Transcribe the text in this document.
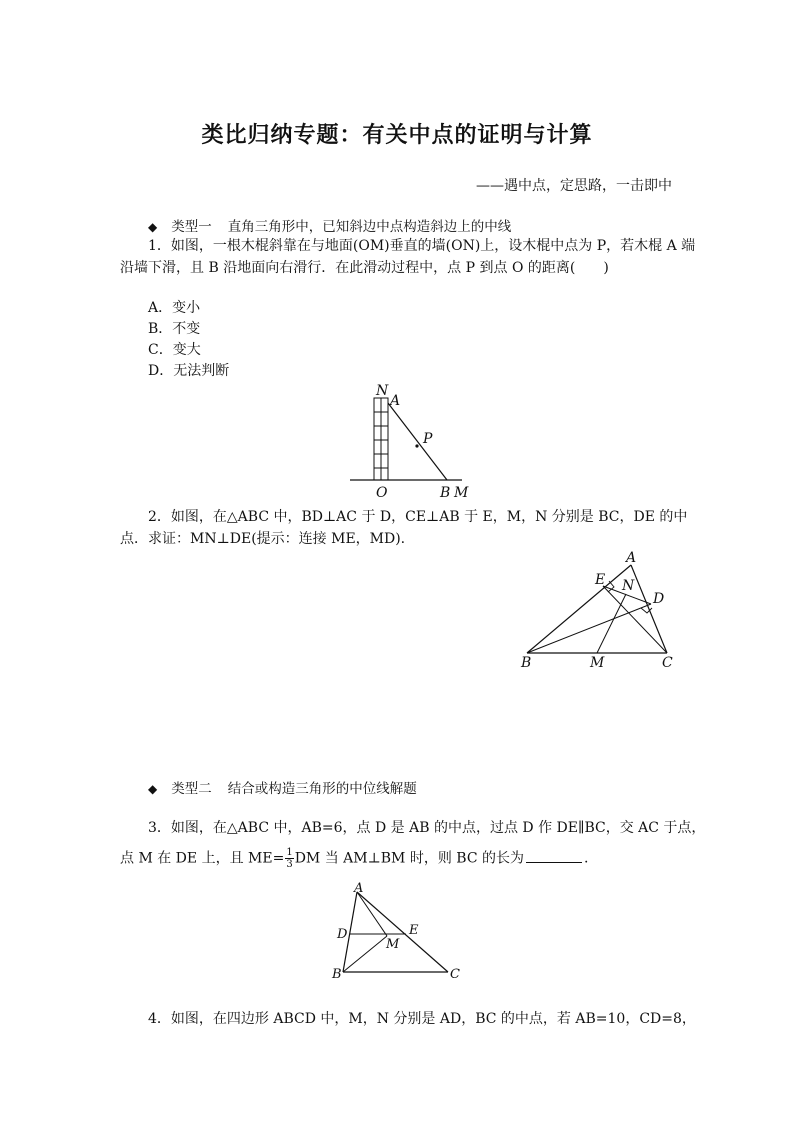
类比归纳专题：有关中点的证明与计算
——遇中点，定思路，一击即中
◆ 类型一 直角三角形中，已知斜边中点构造斜边上的中线
1．如图，一根木棍斜靠在与地面(OM)垂直的墙(ON)上，设木棍中点为 P，若木棍 A 端
沿墙下滑，且 B 沿地面向右滑行．在此滑动过程中，点 P 到点 O 的距离(　　)
A．变小
B．不变
C．变大
D．无法判断
N
A
P
O	B M
2．如图，在△ABC 中，BD⊥AC 于 D，CE⊥AB 于 E，M，N 分别是 BC，DE 的中
点．求证：MN⊥DE(提示：连接 ME，MD).
A
E N
D
B	M	C
◆ 类型二 结合或构造三角形的中位线解题
3．如图，在△ABC 中，AB=6，点 D 是 AB 的中点，过点 D 作 DE∥BC，交 AC 于点，
点 M 在 DE 上，且 $ME= \frac{1}{3}$ DM 当 AM⊥BM 时，则 BC 的长为	.
A
D	E
M
B	C
4．如图，在四边形 ABCD 中，M，N 分别是 AD，BC 的中点，若 AB=10，CD=8，
